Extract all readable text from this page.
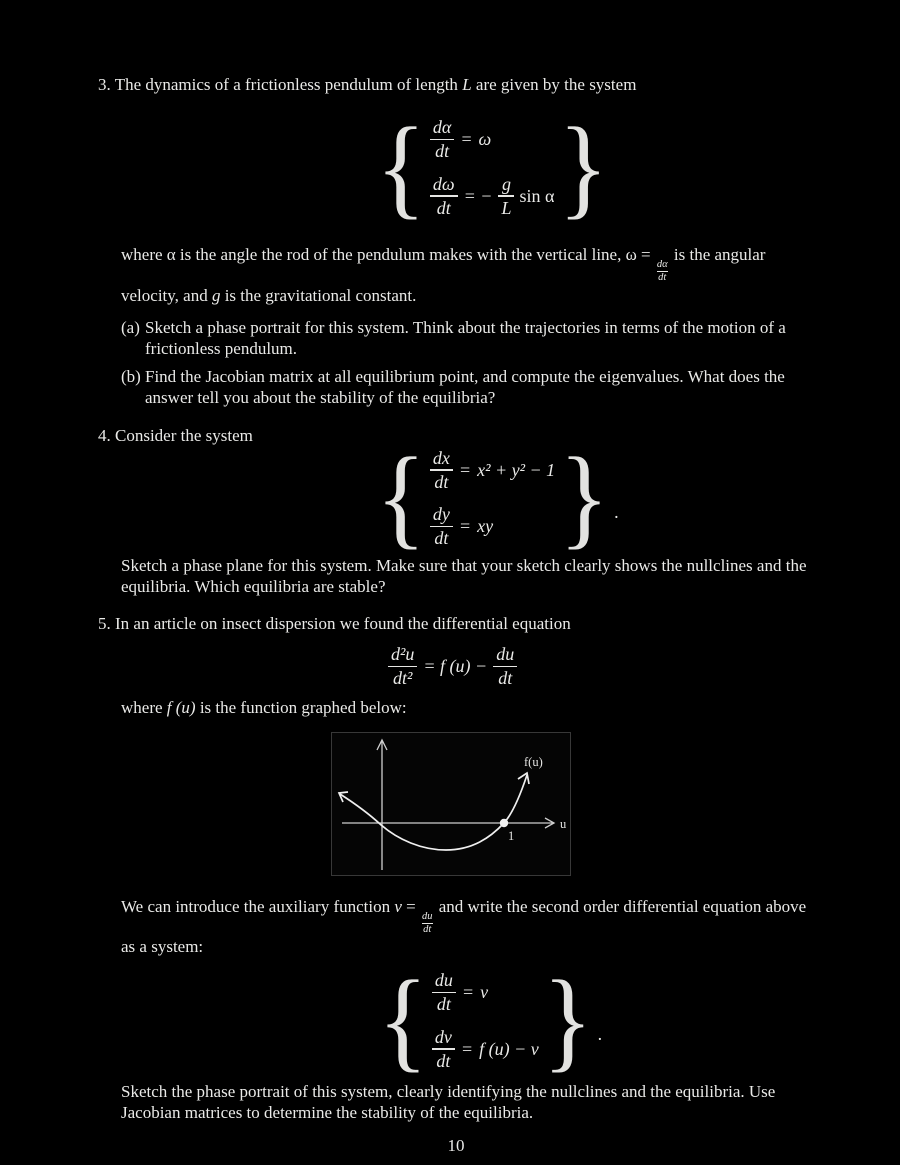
3. The dynamics of a frictionless pendulum of length L are given by the system
{ $\frac{d\alpha}{dt} = \omega$
$\frac{d\omega}{dt}$ = − $\frac{g}{L}$ sin α }
where α is the angle the rod of the pendulum makes with the vertical line, ω =
$\frac{d\alpha}{dt}$
is the angular velocity, and g is the gravitational constant.
(a) Sketch a phase portrait for this system. Think about the trajectories in terms of the motion of a frictionless pendulum.
(b) Find the Jacobian matrix at all equilibrium point, and compute the eigenvalues. What does the answer tell you about the stability of the equilibria?
4. Consider the system
{ $\frac{dx}{dt} = x^2 + y^2 - 1$
$\frac{dy}{dt}$ = xy } .
Sketch a phase plane for this system. Make sure that your sketch clearly shows the nullclines and the equilibria. Which equilibria are stable?
5. In an article on insect dispersion we found the differential equation
$\frac{\text{d²u}}{\text{dt²}} = f$ $(u) - \frac{du}{dt}$
where f (u) is the function graphed below:
1
f(u)
u
We can introduce the auxiliary function v =
$\frac{du}{dt}$
and write the second order differential equation above as a system:
{ $\frac{du}{dt} = v$
$\frac{dv}{dt} = f$ (u) − v } .
Sketch the phase portrait of this system, clearly identifying the nullclines and the equilibria. Use Jacobian matrices to determine the stability of the equilibria.
10
